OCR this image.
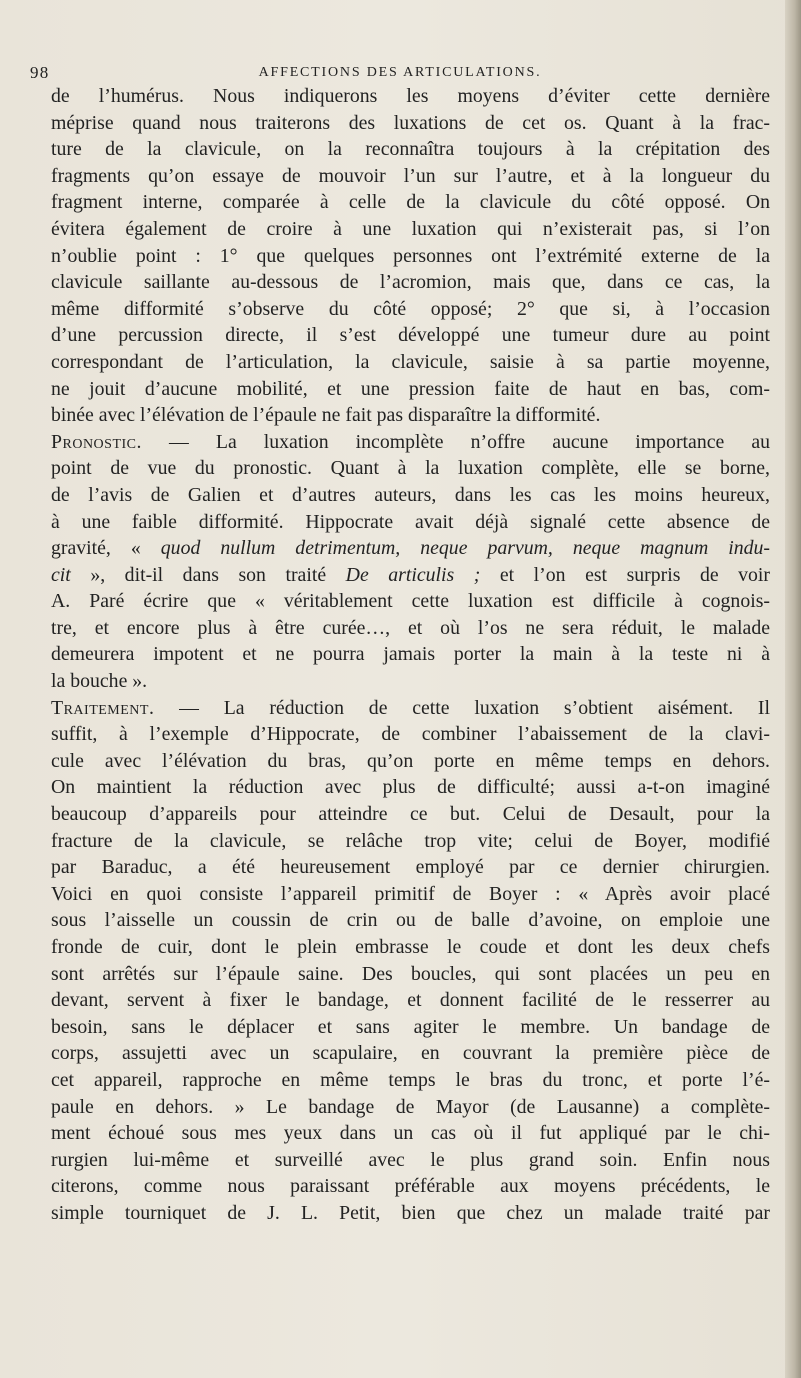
98	AFFECTIONS DES ARTICULATIONS.
de l’humérus. Nous indiquerons les moyens d’éviter cette dernière
méprise quand nous traiterons des luxations de cet os. Quant à la frac-
ture de la clavicule, on la reconnaîtra toujours à la crépitation des
fragments qu’on essaye de mouvoir l’un sur l’autre, et à la longueur du
fragment interne, comparée à celle de la clavicule du côté opposé. On
évitera également de croire à une luxation qui n’existerait pas, si l’on
n’oublie point : 1° que quelques personnes ont l’extrémité externe de la
clavicule saillante au-dessous de l’acromion, mais que, dans ce cas, la
même difformité s’observe du côté opposé; 2° que si, à l’occasion
d’une percussion directe, il s’est développé une tumeur dure au point
correspondant de l’articulation, la clavicule, saisie à sa partie moyenne,
ne jouit d’aucune mobilité, et une pression faite de haut en bas, com-
binée avec l’élévation de l’épaule ne fait pas disparaître la difformité.
Pronostic. — La luxation incomplète n’offre aucune importance au
point de vue du pronostic. Quant à la luxation complète, elle se borne,
de l’avis de Galien et d’autres auteurs, dans les cas les moins heureux,
à une faible difformité. Hippocrate avait déjà signalé cette absence de
gravité, « quod nullum detrimentum, neque parvum, neque magnum indu-
cit », dit-il dans son traité De articulis ; et l’on est surpris de voir
A. Paré écrire que « véritablement cette luxation est difficile à cognois-
tre, et encore plus à être curée…, et où l’os ne sera réduit, le malade
demeurera impotent et ne pourra jamais porter la main à la teste ni à
la bouche ».
Traitement. — La réduction de cette luxation s’obtient aisément. Il
suffit, à l’exemple d’Hippocrate, de combiner l’abaissement de la clavi-
cule avec l’élévation du bras, qu’on porte en même temps en dehors.
On maintient la réduction avec plus de difficulté; aussi a-t-on imaginé
beaucoup d’appareils pour atteindre ce but. Celui de Desault, pour la
fracture de la clavicule, se relâche trop vite; celui de Boyer, modifié
par Baraduc, a été heureusement employé par ce dernier chirurgien.
Voici en quoi consiste l’appareil primitif de Boyer : « Après avoir placé
sous l’aisselle un coussin de crin ou de balle d’avoine, on emploie une
fronde de cuir, dont le plein embrasse le coude et dont les deux chefs
sont arrêtés sur l’épaule saine. Des boucles, qui sont placées un peu en
devant, servent à fixer le bandage, et donnent facilité de le resserrer au
besoin, sans le déplacer et sans agiter le membre. Un bandage de
corps, assujetti avec un scapulaire, en couvrant la première pièce de
cet appareil, rapproche en même temps le bras du tronc, et porte l’é-
paule en dehors. » Le bandage de Mayor (de Lausanne) a complète-
ment échoué sous mes yeux dans un cas où il fut appliqué par le chi-
rurgien lui-même et surveillé avec le plus grand soin. Enfin nous
citerons, comme nous paraissant préférable aux moyens précédents, le
simple tourniquet de J. L. Petit, bien que chez un malade traité par
